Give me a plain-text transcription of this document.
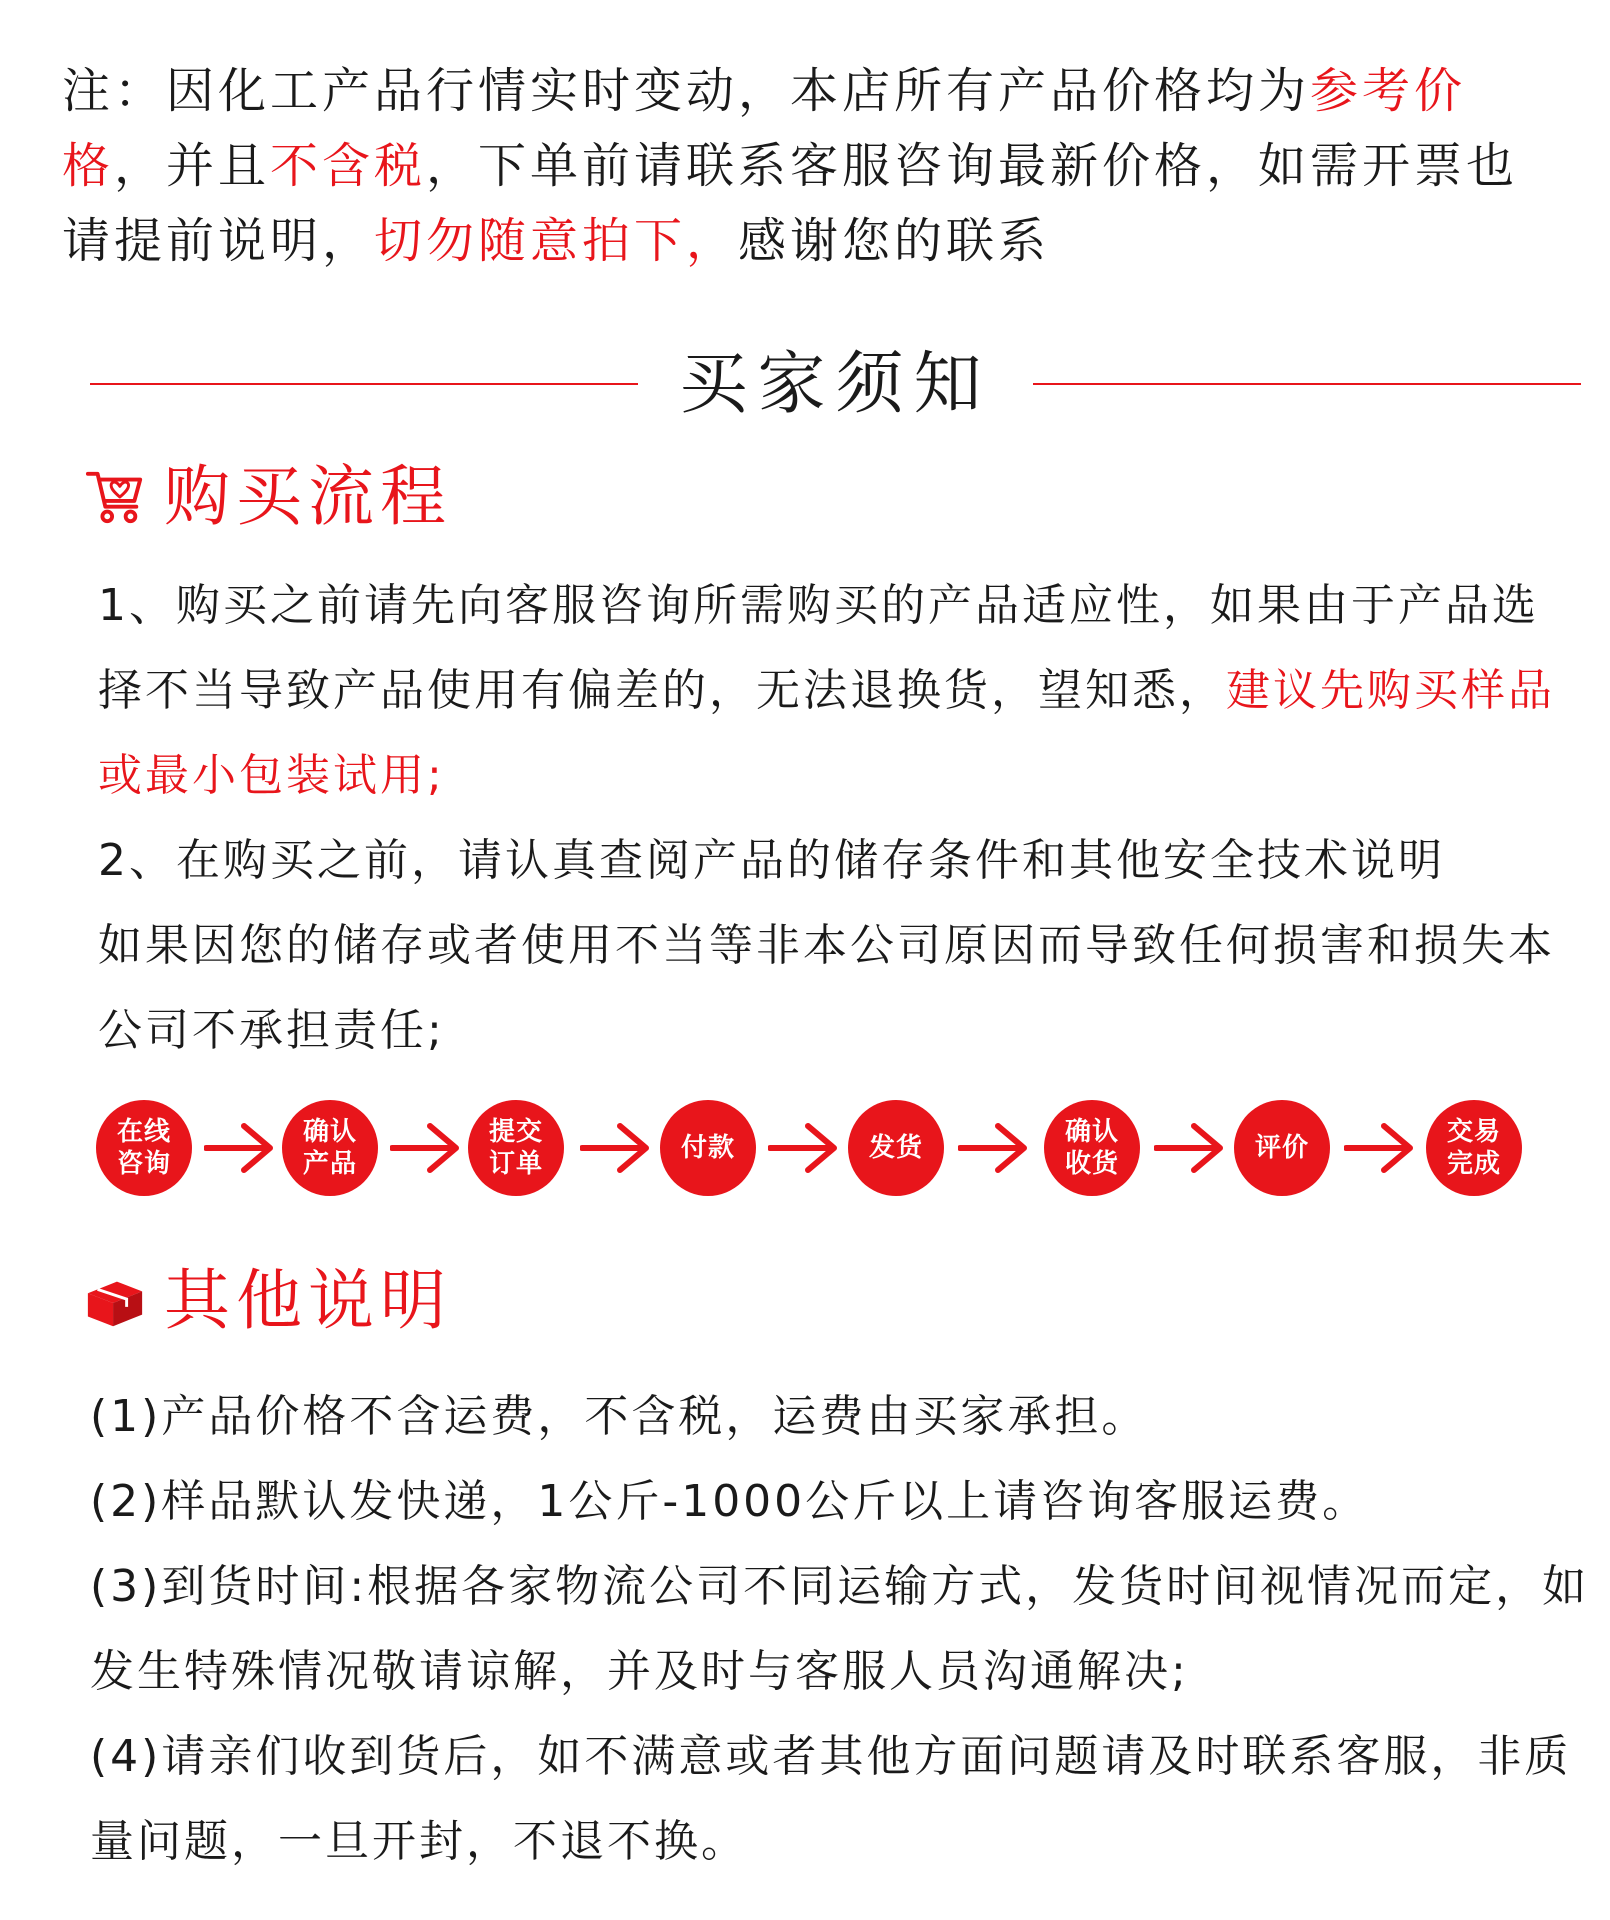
注：因化工产品行情实时变动，本店所有产品价格均为参考价格，并且不含税，下单前请联系客服咨询最新价格，如需开票也请提前说明，切勿随意拍下，感谢您的联系
买家须知
购买流程

1、购买之前请先向客服咨询所需购买的产品适应性，如果由于产品选择不当导致产品使用有偏差的，无法退换货，望知悉，建议先购买样品或最小包装试用;

2、在购买之前，请认真查阅产品的储存条件和其他安全技术说明

如果因您的储存或者使用不当等非本公司原因而导致任何损害和损失本公司不承担责任;

在线咨询
确认产品
提交订单
付款	发货
确认收货
评价
交易完成
其他说明

(1)产品价格不含运费，不含税，运费由买家承担。

(2)样品默认发快递，1公斤-1000公斤以上请咨询客服运费。

(3)到货时间:根据各家物流公司不同运输方式，发货时间视情况而定，如发生特殊情况敬请谅解，并及时与客服人员沟通解决;

(4)请亲们收到货后，如不满意或者其他方面问题请及时联系客服，非质量问题，一旦开封，不退不换。
